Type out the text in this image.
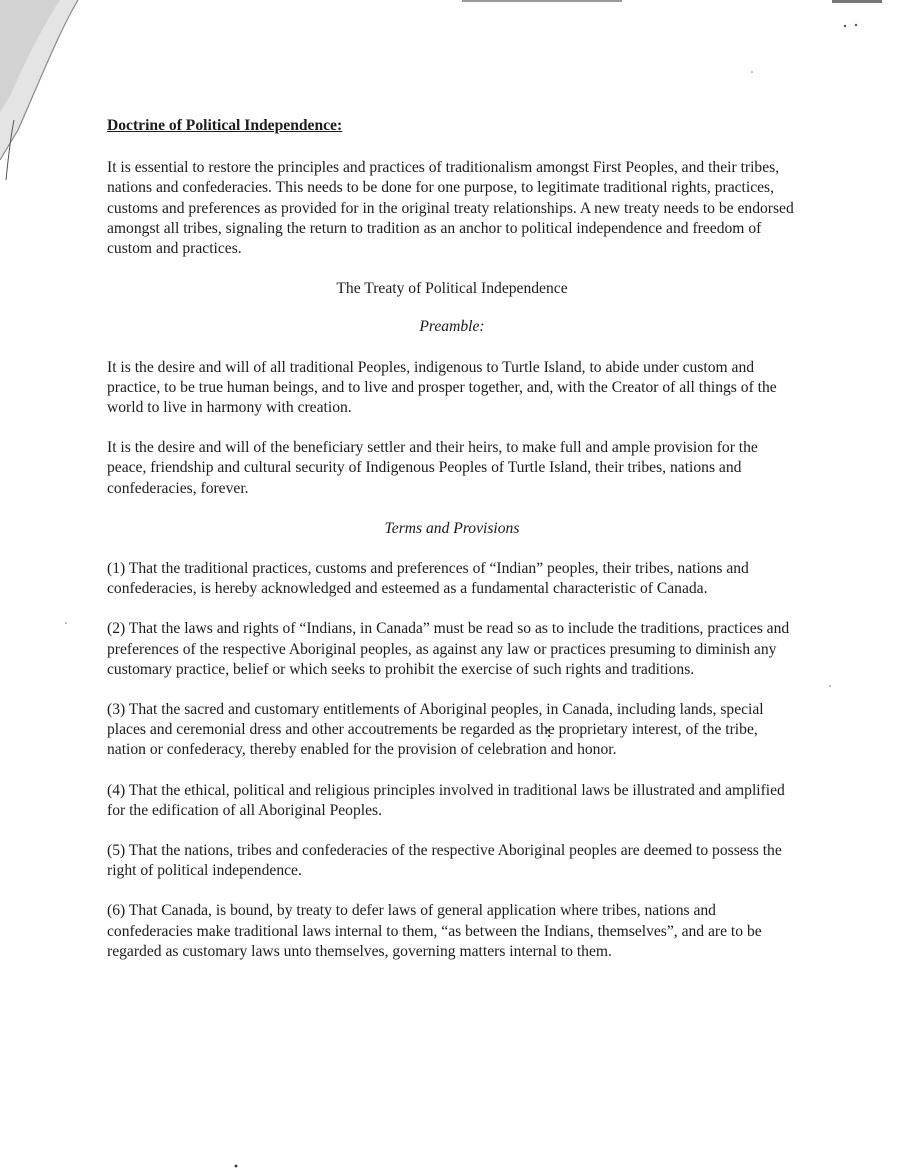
Doctrine of Political Independence:

It is essential to restore the principles and practices of traditionalism amongst First Peoples, and their tribes, nations and confederacies. This needs to be done for one purpose, to legitimate traditional rights, practices, customs and preferences as provided for in the original treaty relationships. A new treaty needs to be endorsed amongst all tribes, signaling the return to tradition as an anchor to political independence and freedom of custom and practices.

The Treaty of Political Independence

Preamble:

It is the desire and will of all traditional Peoples, indigenous to Turtle Island, to abide under custom and practice, to be true human beings, and to live and prosper together, and, with the Creator of all things of the world to live in harmony with creation.

It is the desire and will of the beneficiary settler and their heirs, to make full and ample provision for the peace, friendship and cultural security of Indigenous Peoples of Turtle Island, their tribes, nations and confederacies, forever.

Terms and Provisions

(1) That the traditional practices, customs and preferences of “Indian” peoples, their tribes, nations and confederacies, is hereby acknowledged and esteemed as a fundamental characteristic of Canada.

(2) That the laws and rights of “Indians, in Canada” must be read so as to include the traditions, practices and preferences of the respective Aboriginal peoples, as against any law or practices presuming to diminish any customary practice, belief or which seeks to prohibit the exercise of such rights and traditions.

(3) That the sacred and customary entitlements of Aboriginal peoples, in Canada, including lands, special places and ceremonial dress and other accoutrements be regarded as the proprietary interest, of the tribe, nation or confederacy, thereby enabled for the provision of celebration and honor.

(4) That the ethical, political and religious principles involved in traditional laws be illustrated and amplified for the edification of all Aboriginal Peoples.

(5) That the nations, tribes and confederacies of the respective Aboriginal peoples are deemed to possess the right of political independence.

(6) That Canada, is bound, by treaty to defer laws of general application where tribes, nations and confederacies make traditional laws internal to them, “as between the Indians, themselves”, and are to be regarded as customary laws unto themselves, governing matters internal to them.
